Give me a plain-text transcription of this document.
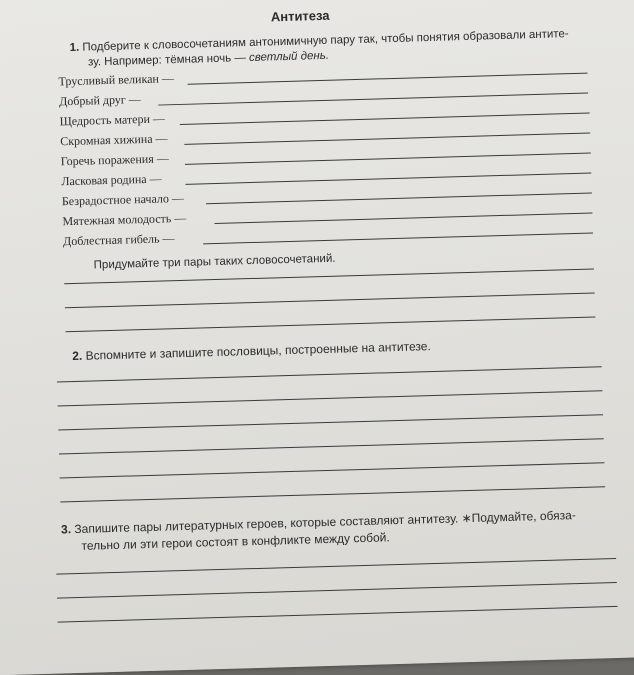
Антитеза
1. Подберите к словосочетаниям антонимичную пару так, чтобы понятия образовали антите-
зу. Например: тёмная ночь — светлый день.
Трусливый великан —
Добрый друг —
Щедрость матери —
Скромная хижина —
Горечь поражения —
Ласковая родина —
Безрадостное начало —
Мятежная молодость —
Доблестная гибель —
Придумайте три пары таких словосочетаний.
2. Вспомните и запишите пословицы, построенные на антитезе.
3. Запишите пары литературных героев, которые составляют антитезу. ∗Подумайте, обяза-
тельно ли эти герои состоят в конфликте между собой.
